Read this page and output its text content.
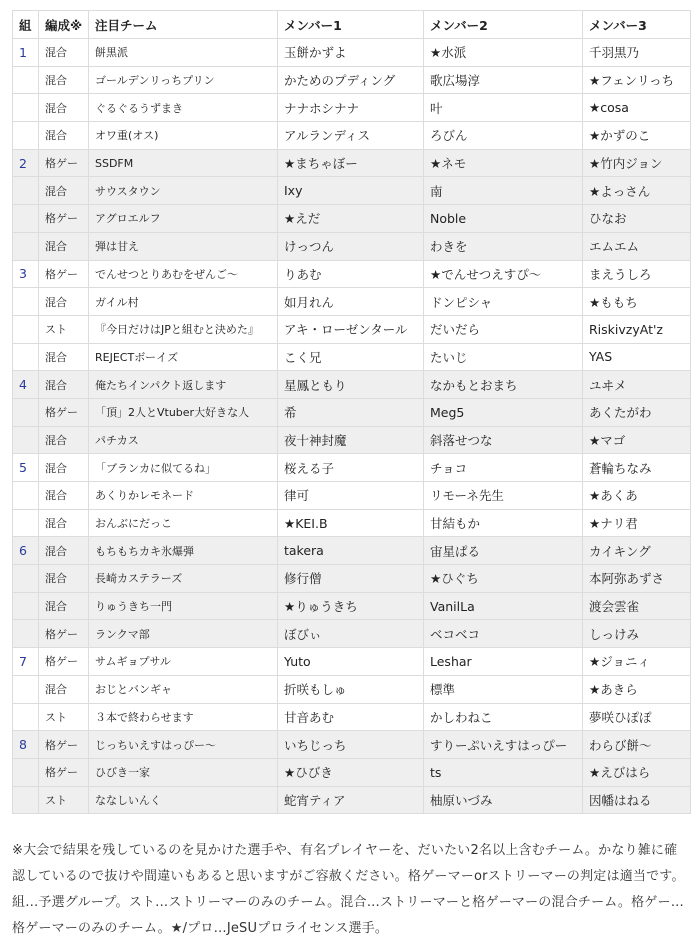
組	編成※	注目チーム	メンバー1	メンバー2	メンバー3
1	混合	餅黒派	玉餅かずよ	★水派	千羽黒乃
	混合	ゴールデンリっちプリン	かためのプディング	歌広場淳	★フェンリっち
	混合	ぐるぐるうずまき	ナナホシナナ	叶	★cosa
	混合	オワ重(オス)	アルランディス	ろびん	★かずのこ
2	格ゲー	SSDFM	★まちゃぼー	★ネモ	★竹内ジョン
	混合	サウスタウン	Ixy	南	★よっさん
	格ゲー	アグロエルフ	★えだ	Noble	ひなお
	混合	弾は甘え	けっつん	わきを	エムエム
3	格ゲー	でんせつとりあむをぜんご～	りあむ	★でんせつえすぴ～	まえうしろ
	混合	ガイル村	如月れん	ドンピシャ	★ももち
	スト	『今日だけはJPと組むと決めた』	アキ・ローゼンタール	だいだら	RiskivzyAt'z
	混合	REJECTボーイズ	こく兄	たいじ	YAS
4	混合	俺たちインパクト返します	星鳳ともり	なかもとおまち	ユヰメ
	格ゲー	「頂」2人とVtuber大好きな人	希	Meg5	あくたがわ
	混合	パチカス	夜十神封魔	斜落せつな	★マゴ
5	混合	「ブランカに似てるね」	桜える子	チョコ	蒼輪ちなみ
	混合	あくりかレモネード	律可	リモーネ先生	★あくあ
	混合	おんぶにだっこ	★KEI.B	甘結もか	★ナリ君
6	混合	もちもちカキ氷爆弾	takera	宙星ぱる	カイキング
	混合	長崎カステラーズ	修行僧	★ひぐち	本阿弥あずさ
	混合	りゅうきち一門	★りゅうきち	VanilLa	渡会雲雀
	格ゲー	ランクマ部	ぼびぃ	ベコベコ	しっけみ
7	格ゲー	サムギョプサル	Yuto	Leshar	★ジョニィ
	混合	おじとバンギャ	折咲もしゅ	標準	★あきら
	スト	３本で終わらせます	甘音あむ	かしわねこ	夢咲ひぽぽ
8	格ゲー	じっちいえすはっぴー～	いちじっち	すりーぷいえすはっぴー	わらび餅～
	格ゲー	ひびき一家	★ひびき	ts	★えびはら
	スト	ななしいんく	蛇宵ティア	柚原いづみ	因幡はねる

※大会で結果を残しているのを見かけた選手や、有名プレイヤーを、だいたい2名以上含むチーム。かなり雑に確認しているので抜けや間違いもあると思いますがご容赦ください。格ゲーマーorストリーマーの判定は適当です。組…予選グループ。スト…ストリーマーのみのチーム。混合…ストリーマーと格ゲーマーの混合チーム。格ゲー…格ゲーマーのみのチーム。★/プロ…JeSUプロライセンス選手。
